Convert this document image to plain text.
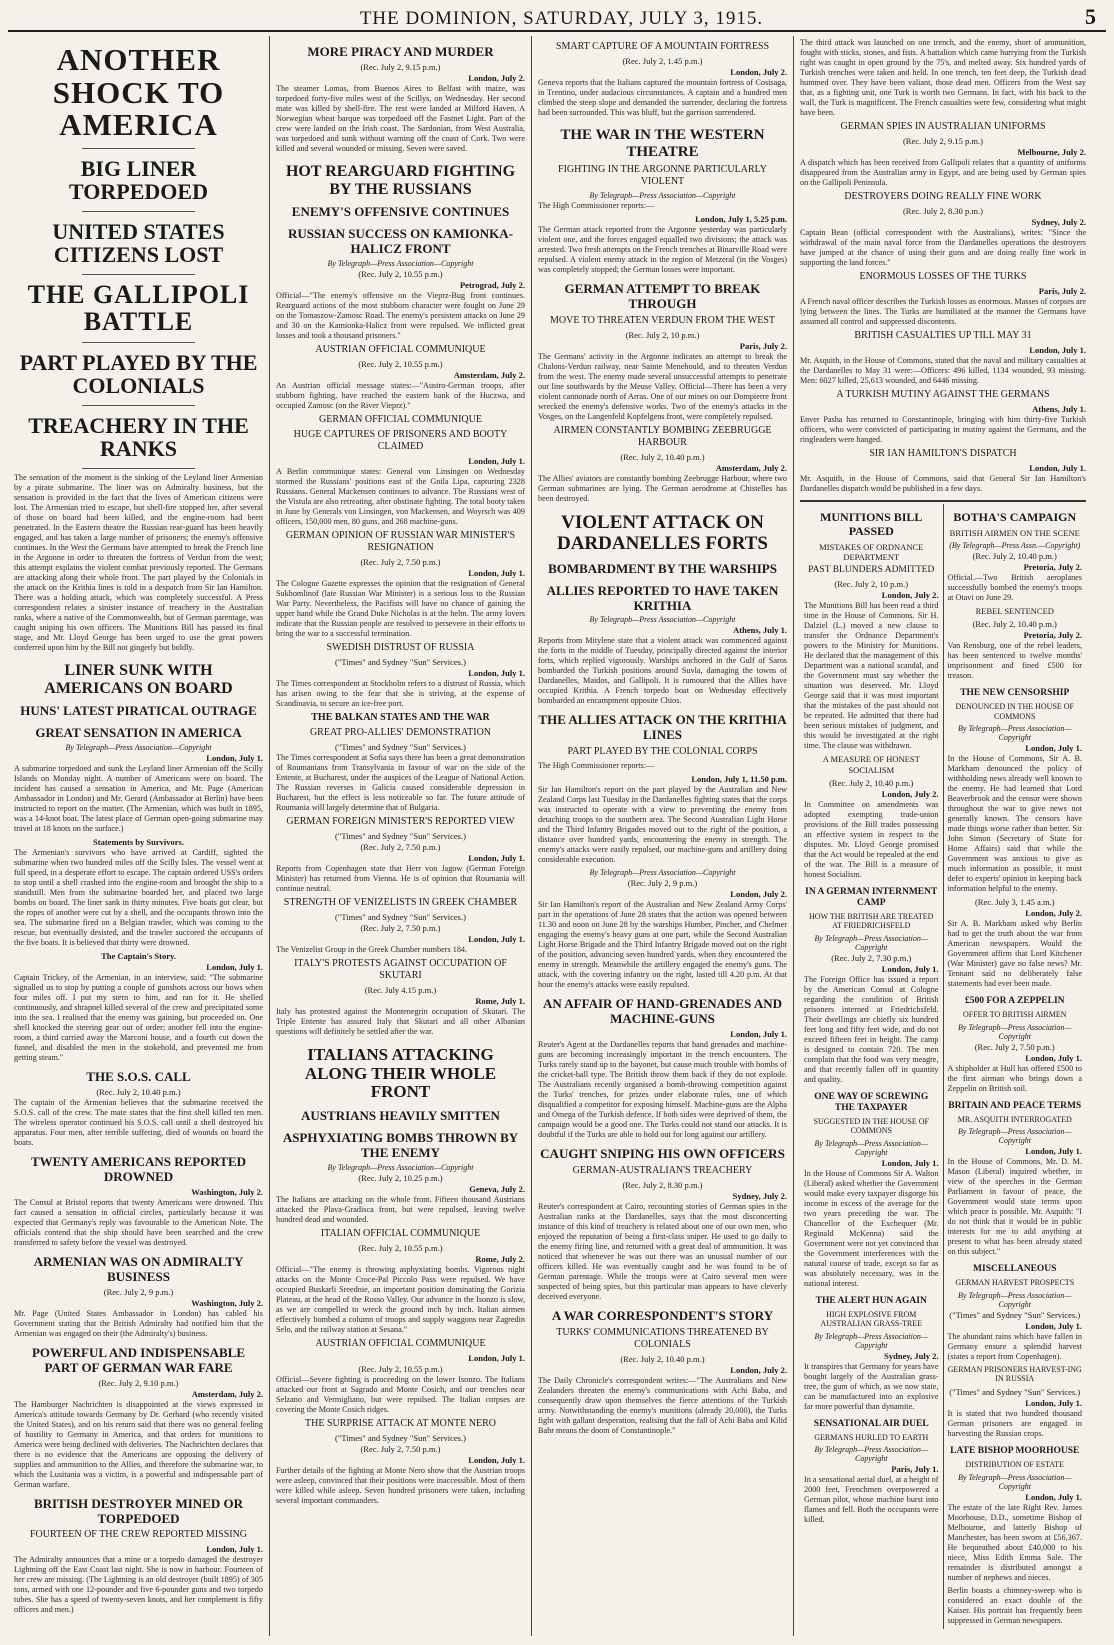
THE DOMINION, SATURDAY, JULY 3, 1915.	5
ANOTHER SHOCK TO AMERICA
BIG LINER TORPEDOED
UNITED STATES CITIZENS LOST
THE GALLIPOLI BATTLE
PART PLAYED BY THE COLONIALS
TREACHERY IN THE RANKS

The sensation of the moment is the sinking of the Leyland liner Armenian by a pirate submarine. The liner was on Admiralty business, but the sensation is provided in the fact that the lives of American citizens were lost. The Armenian tried to escape, but shell-fire stopped her, after several of those on board had been killed, and the engine-room had been penetrated. In the Eastern theatre the Russian rear-guard has been heavily engaged, and has taken a large number of prisoners; the enemy's offensive continues. In the West the Germans have attempted to break the French line in the Argonne in order to threaten the fortress of Verdun from the west; this attempt explains the violent combat previously reported. The Germans are attacking along their whole front. The part played by the Colonials in the attack on the Krithia lines is told in a despatch from Sir Ian Hamilton. There was a holding attack, which was completely successful. A Press correspondent relates a sinister instance of treachery in the Australian ranks, where a native of the Commonwealth, but of German parentage, was caught sniping his own officers. The Munitions Bill has passed its final stage, and Mr. Lloyd George has been urged to use the great powers conferred upon him by the Bill not gingerly but boldly.

LINER SUNK WITH AMERICANS ON BOARD
HUNS' LATEST PIRATICAL OUTRAGE
GREAT SENSATION IN AMERICA
By Telegraph—Press Association—Copyright
London, July 1.

A submarine torpedoed and sunk the Leyland liner Armenian off the Scilly Islands on Monday night. A number of Americans were on board. The incident has caused a sensation in America, and Mr. Page (American Ambassador in London) and Mr. Gerard (Ambassador at Berlin) have been instructed to report on the matter. (The Armenian, which was built in 1895, was a 14-knot boat. The latest place of German open-going submarine may travel at 18 knots on the surface.)

Statements by Survivors.

The Armenian's survivors who have arrived at Cardiff, sighted the submarine when two hundred miles off the Scilly Isles. The vessel went at full speed, in a desperate effort to escape. The captain ordered USS's orders to stop until a shell crashed into the engine-room and brought the ship to a standstill. Men from the submarine boarded her, and placed two large bombs on board. The liner sank in thirty minutes. Five boats got clear, but the ropes of another were cut by a shell, and the occupants thrown into the sea. The submarine fired on a Belgian trawler, which was coming to the rescue, but eventually desisted, and the trawler succored the occupants of the five boats. It is believed that thirty were drowned.

The Captain's Story.
London, July 1.

Captain Trickey, of the Armenian, in an interview, said: "The submarine signalled us to stop by putting a couple of gunshots across our bows when four miles off. I put my stern to him, and ran for it. He shelled continuously, and shrapnel killed several of the crew and precipitated some into the sea. I realised that the enemy was gaining, but proceeded on. One shell knocked the steering gear out of order; another fell into the engine-room, a third carried away the Marconi house, and a fourth cut down the funnel, and disabled the men in the stokehold, and prevented me from getting steam."

THE S.O.S. CALL
(Rec. July 2, 10.40 p.m.)

The captain of the Armenian believes that the submarine received the S.O.S. call of the crew. The mate states that the first shell killed ten men. The wireless operator continued his S.O.S. call until a shell destroyed his apparatus. Four men, after terrible suffering, died of wounds on board the boats.

TWENTY AMERICANS REPORTED DROWNED
Washington, July 2.

The Consul at Bristol reports that twenty Americans were drowned. This fact caused a sensation in official circles, particularly because it was expected that Germany's reply was favourable to the American Note. The officials contend that the ship should have been searched and the crew transferred to safety before the vessel was destroyed.

ARMENIAN WAS ON ADMIRALTY BUSINESS
(Rec. July 2, 9 p.m.)
Washington, July 2.

Mr. Page (United States Ambassador in London) has cabled his Government stating that the British Admiralty had notified him that the Armenian was engaged on their (the Admiralty's) business.

POWERFUL AND INDISPENSABLE PART OF GERMAN WAR FARE
(Rec. July 2, 9.10 p.m.)
Amsterdam, July 2.

The Hamburger Nachrichten is disappointed at the views expressed in America's attitude towards Germany by Dr. Gerhard (who recently visited the United States), and on his return said that there was no general feeling of hostility to Germany in America, and that orders for munitions to America were being declined with deliveries. The Nachrichten declares that there is no evidence that the Americans are opposing the delivery of supplies and ammunition to the Allies, and therefore the submarine war, to which the Lusitania was a victim, is a powerful and indispensable part of German warfare.

BRITISH DESTROYER MINED OR TORPEDOED
FOURTEEN OF THE CREW REPORTED MISSING
London, July 1.

The Admiralty announces that a mine or a torpedo damaged the destroyer Lightning off the East Coast last night. She is now in harbour. Fourteen of her crew are missing. (The Lightning is an old destroyer (built 1895) of 305 tons, armed with one 12-pounder and five 6-pounder guns and two torpedo tubes. She has a speed of twenty-seven knots, and her complement is fifty officers and men.)

MORE PIRACY AND MURDER
(Rec. July 2, 9.15 p.m.)
London, July 2.

The steamer Lomas, from Buenos Aires to Belfast with maize, was torpedoed forty-five miles west of the Scillys, on Wednesday. Her second mate was killed by shell-fire. The rest were landed at Milford Haven. A Norwegian wheat barque was torpedoed off the Fastnet Light. Part of the crew were landed on the Irish coast. The Sardonian, from West Australia, was torpedoed and sunk without warning off the coast of Cork. Two were killed and several wounded or missing. Seven were saved.

HOT REARGUARD FIGHTING BY THE RUSSIANS
ENEMY'S OFFENSIVE CONTINUES
RUSSIAN SUCCESS ON KAMIONKA-HALICZ FRONT
By Telegraph—Press Association—Copyright
(Rec. July 2, 10.55 p.m.)
Petrograd, July 2.

Official—"The enemy's offensive on the Vieprz-Bug front continues. Rearguard actions of the most stubborn character were fought on June 29 on the Tomaszow-Zamosc Road. The enemy's persistent attacks on June 29 and 30 on the Kamionka-Halicz front were repulsed. We inflicted great losses and took a thousand prisoners."

AUSTRIAN OFFICIAL COMMUNIQUE
(Rec. July 2, 10.55 p.m.)
Amsterdam, July 2.

An Austrian official message states:—"Austro-German troops, after stubborn fighting, have reached the eastern bank of the Huczwa, and occupied Zamosc (on the River Vieprz)."

GERMAN OFFICIAL COMMUNIQUE
HUGE CAPTURES OF PRISONERS AND BOOTY CLAIMED
London, July 1.

A Berlin communique states: General von Linsingen on Wednesday stormed the Russians' positions east of the Gnila Lipa, capturing 2328 Russians. General Mackensen continues to advance. The Russians west of the Vistula are also retreating, after obstinate fighting. The total booty taken in June by Generals von Linsingen, von Mackensen, and Woyrsch was 409 officers, 150,000 men, 80 guns, and 268 machine-guns.

GERMAN OPINION OF RUSSIAN WAR MINISTER'S RESIGNATION
(Rec. July 2, 7.50 p.m.)
London, July 1.

The Cologne Gazette expresses the opinion that the resignation of General Sukhomlinof (late Russian War Minister) is a serious loss to the Russian War Party. Nevertheless, the Pacifists will have no chance of gaining the upper hand while the Grand Duke Nicholas is at the helm. The army lovers indicate that the Russian people are resolved to persevere in their efforts to bring the war to a successful termination.

SWEDISH DISTRUST OF RUSSIA
("Times" and Sydney "Sun" Services.)
London, July 1.

The Times correspondent at Stockholm refers to a distrust of Russia, which has arisen owing to the fear that she is striving, at the expense of Scandinavia, to secure an ice-free port.

THE BALKAN STATES AND THE WAR
GREAT PRO-ALLIES' DEMONSTRATION
("Times" and Sydney "Sun" Services.)

The Times correspondent at Sofia says there has been a great demonstration of Roumanians from Transylvania in favour of war on the side of the Entente, at Bucharest, under the auspices of the League of National Action. The Russian reverses in Galicia caused considerable depression in Bucharest, but the effect is less noticeable so far. The future attitude of Roumania will largely determine that of Bulgaria.

GERMAN FOREIGN MINISTER'S REPORTED VIEW
("Times" and Sydney "Sun" Services.)
(Rec. July 2, 7.50 p.m.)
London, July 1.

Reports from Copenhagen state that Herr von Jagow (German Foreign Minister) has returned from Vienna. He is of opinion that Roumania will continue neutral.

STRENGTH OF VENIZELISTS IN GREEK CHAMBER
("Times" and Sydney "Sun" Services.)
(Rec. July 2, 7.50 p.m.)
London, July 1.

The Venizelist Group in the Greek Chamber numbers 184.

ITALY'S PROTESTS AGAINST OCCUPATION OF SKUTARI
(Rec. July 4.15 p.m.)
Rome, July 1.

Italy has protested against the Montenegrin occupation of Skutari. The Triple Entente has assured Italy that Skutari and all other Albanian questions will definitely be settled after the war.

ITALIANS ATTACKING ALONG THEIR WHOLE FRONT
AUSTRIANS HEAVILY SMITTEN
ASPHYXIATING BOMBS THROWN BY THE ENEMY
By Telegraph—Press Association—Copyright
(Rec. July 2, 10.25 p.m.)
Geneva, July 2.

The Italians are attacking on the whole front. Fifteen thousand Austrians attacked the Plava-Gradisca front, but were repulsed, leaving twelve hundred dead and wounded.

ITALIAN OFFICIAL COMMUNIQUE
(Rec. July 2, 10.55 p.m.)
Rome, July 2.

Official—"The enemy is throwing asphyxiating bombs. Vigorous night attacks on the Monte Croce-Pal Piccolo Pass were repulsed. We have occupied Buskarli Sreednie, an important position dominating the Gorizia Plateau, at the head of the Rosso Valley. Our advance in the Isonzo is slow, as we are compelled to wreck the ground inch by inch. Italian airmen effectively bombed a column of troops and supply waggons near Zagredin Selo, and the railway station at Sesana."

AUSTRIAN OFFICIAL COMMUNIQUE
London, July 1.
(Rec. July 2, 10.55 p.m.)

Official—Severe fighting is proceeding on the lower Isonzo. The Italians attacked our front at Sagrado and Monte Cosich, and our trenches near Selzano and Vermigliano, but were repulsed. The Italian corpses are covering the Monte Cosich ridges.

THE SURPRISE ATTACK AT MONTE NERO
("Times" and Sydney "Sun" Services.)
(Rec. July 2, 7.50 p.m.)
London, July 1.

Further details of the fighting at Monte Nero show that the Austrian troops were asleep, convinced that their positions were inaccessible. Most of them were killed while asleep. Seven hundred prisoners were taken, including several important commanders.

SMART CAPTURE OF A MOUNTAIN FORTRESS
(Rec. July 2, 1.45 p.m.)
London, July 2.

Geneva reports that the Italians captured the mountain fortress of Cosisaga, in Trentino, under audacious circumstances. A captain and a hundred men climbed the steep slope and demanded the surrender, declaring the fortress had been surrounded. This was bluff, but the garrison surrendered.

THE WAR IN THE WESTERN THEATRE
FIGHTING IN THE ARGONNE PARTICULARLY VIOLENT
By Telegraph—Press Association—Copyright

The High Commissioner reports:—

London, July 1, 5.25 p.m.

The German attack reported from the Argonne yesterday was particularly violent one, and the forces engaged equalled two divisions; the attack was arrested. Two fresh attempts on the French trenches at Binarville Road were repulsed. A violent enemy attack in the region of Metzeral (in the Vosges) was completely stopped; the German losses were important.

GERMAN ATTEMPT TO BREAK THROUGH
MOVE TO THREATEN VERDUN FROM THE WEST
(Rec. July 2, 10 p.m.)
Paris, July 2.

The Germans' activity in the Argonne indicates an attempt to break the Chalons-Verdun railway, near Sainte Menehould, and to threaten Verdun from the west. The enemy made several unsuccessful attempts to penetrate our line southwards by the Meuse Valley. Official—There has been a very violent cannonade north of Arras. One of our mines on our Dompierre front wrecked the enemy's defensive works. Two of the enemy's attacks in the Vosges, on the Langenfeld Kopfelgens front, were completely repulsed.

AIRMEN CONSTANTLY BOMBING ZEEBRUGGE HARBOUR
(Rec. July 2, 10.40 p.m.)
Amsterdam, July 2.

The Allies' aviators are constantly bombing Zeebrugge Harbour, where two German submarines are lying. The German aerodrome at Chistelles has been destroyed.

VIOLENT ATTACK ON DARDANELLES FORTS
BOMBARDMENT BY THE WARSHIPS
ALLIES REPORTED TO HAVE TAKEN KRITHIA
By Telegraph—Press Association—Copyright
Athens, July 1.

Reports from Mitylene state that a violent attack was commenced against the forts in the middle of Tuesday, principally directed against the interior forts, which replied vigorously. Warships anchored in the Gulf of Saros bombarded the Turkish positions around Suvla, damaging the towns of Dardanelles, Maidos, and Gallipoli. It is rumoured that the Allies have occupied Krithia. A French torpedo boat on Wednesday effectively bombarded an encampment opposite Chios.

THE ALLIES ATTACK ON THE KRITHIA LINES
PART PLAYED BY THE COLONIAL CORPS

The High Commissioner reports:—

London, July 1, 11.50 p.m.

Sir Ian Hamilton's report on the part played by the Australian and New Zealand Corps last Tuesday in the Dardanelles fighting states that the corps was instructed to operate with a view to preventing the enemy from detaching troops to the southern area. The Second Australian Light Horse and the Third Infantry Brigades moved out to the right of the position, a distance over hundred yards, encountering the enemy in strength. The enemy's attacks were easily repulsed, our machine-guns and artillery doing considerable execution.

By Telegraph—Press Association—Copyright
(Rec. July 2, 9 p.m.)
London, July 2.

Sir Ian Hamilton's report of the Australian and New Zealand Army Corps' part in the operations of June 28 states that the action was opened between 11.30 and noon on June 28 by the warships Humber, Pincher, and Chelmer engaging the enemy's heavy guns at one part, while the Second Australian Light Horse Brigade and the Third Infantry Brigade moved out on the right of the position, advancing seven hundred yards, when they encountered the enemy in strength. Meanwhile the artillery engaged the enemy's guns. The attack, with the covering infantry on the right, lasted till 4.20 p.m. At that hour the enemy's attacks were easily repulsed.

AN AFFAIR OF HAND-GRENADES AND MACHINE-GUNS
London, July 1.

Reuter's Agent at the Dardanelles reports that hand grenades and machine-guns are becoming increasingly important in the trench encounters. The Turks rarely stand up to the bayonet, but cause much trouble with bombs of the cricket-ball type. The British throw them back if they do not explode. The Australians recently organised a bomb-throwing competition against the Turks' trenches, for prizes under elaborate rules, one of which disqualified a competitor for exposing himself. Machine-guns are the Alpha and Omega of the Turkish defence. If both sides were deprived of them, the campaign would be a good one. The Turks could not stand our attacks. It is doubtful if the Turks are able to hold out for long against our artillery.

CAUGHT SNIPING HIS OWN OFFICERS
GERMAN-AUSTRALIAN'S TREACHERY
(Rec. July 2, 8.30 p.m.)
Sydney, July 2.

Reuter's correspondent at Cairo, recounting stories of German spies in the Australian ranks at the Dardanelles, says that the most disconcerting instance of this kind of treachery is related about one of our own men, who enjoyed the reputation of being a first-class sniper. He used to go daily to the enemy firing line, and returned with a great deal of ammunition. It was noticed that whenever he was out there was an unusual number of our officers killed. He was eventually caught and he was found to be of German parentage. While the troops were at Cairo several men were suspected of being spies, but this particular man appears to have cleverly deceived everyone.

A WAR CORRESPONDENT'S STORY
TURKS' COMMUNICATIONS THREATENED BY COLONIALS
(Rec. July 2, 10.40 p.m.)
London, July 2.

The Daily Chronicle's correspondent writes:—"The Australians and New Zealanders threaten the enemy's communications with Achi Baba, and consequently draw upon themselves the fierce attentions of the Turkish army. Notwithstanding the enemy's munitions (already 20,000), the Turks fight with gallant desperation, realising that the fall of Achi Baba and Kilid Bahr means the doom of Constantinople."

The third attack was launched on one trench, and the enemy, short of ammunition, fought with sticks, stones, and fists. A battalion which came hurrying from the Turkish right was caught in open ground by the 75's, and melted away. Six hundred yards of Turkish trenches were taken and held. In one trench, ten feet deep, the Turkish dead hummed over. They have been valiant, those dead men. Officers from the West say that, as a fighting unit, one Turk is worth two Germans. In fact, with his back to the wall, the Turk is magnificent. The French casualties were few, considering what might have been.

GERMAN SPIES IN AUSTRALIAN UNIFORMS
(Rec. July 2, 9.15 p.m.)
Melbourne, July 2.

A dispatch which has been received from Gallipoli relates that a quantity of uniforms disappeared from the Australian army in Egypt, and are being used by German spies on the Gallipoli Peninsula.

DESTROYERS DOING REALLY FINE WORK
(Rec. July 2, 8.30 p.m.)
Sydney, July 2.

Captain Bean (official correspondent with the Australians), writes: "Since the withdrawal of the main naval force from the Dardanelles operations the destroyers have jumped at the chance of using their guns and are doing really fine work in supporting the land forces."

ENORMOUS LOSSES OF THE TURKS
Paris, July 2.

A French naval officer describes the Turkish losses as enormous. Masses of corpses are lying between the lines. The Turks are humiliated at the manner the Germans have assumed all control and suppressed discontents.

BRITISH CASUALTIES UP TILL MAY 31
London, July 1.

Mr. Asquith, in the House of Commons, stated that the naval and military casualties at the Dardanelles to May 31 were:—Officers: 496 killed, 1134 wounded, 93 missing. Men: 6027 killed, 25,613 wounded, and 6446 missing.

A TURKISH MUTINY AGAINST THE GERMANS
Athens, July 1.

Enver Pasha has returned to Constantinople, bringing with him thirty-five Turkish officers, who were convicted of participating in mutiny against the Germans, and the ringleaders were hanged.

SIR IAN HAMILTON'S DISPATCH
London, July 1.

Mr. Asquith, in the House of Commons, said that General Sir Ian Hamilton's Dardanelles dispatch would be published in a few days.

MUNITIONS BILL PASSED
MISTAKES OF ORDNANCE DEPARTMENT
PAST BLUNDERS ADMITTED
(Rec. July 2, 10 p.m.)
London, July 2.

The Munitions Bill has been read a third time in the House of Commons. Sir H. Dalziel (L.) moved a new clause to transfer the Ordnance Department's powers to the Ministry for Munitions. He declared that the management of this Department was a national scandal, and the Government must say whether the situation was deserved. Mr. Lloyd George said that it was most important that the mistakes of the past should not be repeated. He admitted that there had been serious mistakes of judgment, and this would be investigated at the right time. The clause was withdrawn.

A MEASURE OF HONEST SOCIALISM
(Rec. July 2, 10.40 p.m.)
London, July 2.

In Committee on amendments was adopted exempting trade-union provisions of the Bill trades possessing an effective system in respect to the disputes. Mr. Lloyd George promised that the Act would be repealed at the end of the war. The Bill is a measure of honest Socialism.

IN A GERMAN INTERNMENT CAMP
HOW THE BRITISH ARE TREATED AT FRIEDRICHSFELD
By Telegraph—Press Association—Copyright
(Rec. July 2, 7.30 p.m.)
London, July 1.

The Foreign Office has issued a report by the American Consul at Cologne regarding the condition of British prisoners interned at Friedrichsfeld. Their dwellings are chiefly six hundred feet long and fifty feet wide, and do not exceed fifteen feet in height. The camp is designed to contain 720. The men complain that the food was very meagre, and that recently fallen off in quantity and quality.

ONE WAY OF SCREWING THE TAXPAYER
SUGGESTED IN THE HOUSE OF COMMONS
By Telegraph—Press Association—Copyright
London, July 1.

In the House of Commons Sir A. Walton (Liberal) asked whether the Government would make every taxpayer disgorge his income in excess of the average for the two years preceding the war. The Chancellor of the Exchequer (Mr. Reginald McKenna) said the Government were not yet convinced that the Government interferences with the natural course of trade, except so far as was absolutely necessary, was in the national interest.

THE ALERT HUN AGAIN
HIGH EXPLOSIVE FROM AUSTRALIAN GRASS-TREE
By Telegraph—Press Association—Copyright
Sydney, July 2.

It transpires that Germany for years have bought largely of the Australian grass-tree, the gum of which, as we now state, can be manufactured into an explosive far more powerful than dynamite.

SENSATIONAL AIR DUEL
GERMANS HURLED TO EARTH
By Telegraph—Press Association—Copyright
Paris, July 1.

In a sensational aerial duel, at a height of 2000 feet, Frenchmen overpowered a German pilot, whose machine burst into flames and fell. Both the occupants were killed.

BOTHA'S CAMPAIGN
BRITISH AIRMEN ON THE SCENE
(By Telegraph—Press Assn.—Copyright)
(Rec. July 2, 10.40 p.m.)
Pretoria, July 2.

Official.—Two British aeroplanes successfully bombed the enemy's troops at Otavi on June 29.

REBEL SENTENCED
(Rec. July 2, 10.40 p.m.)
Pretoria, July 2.

Van Rensburg, one of the rebel leaders, has been sentenced to twelve months' imprisonment and fined £500 for treason.

THE NEW CENSORSHIP
DENOUNCED IN THE HOUSE OF COMMONS
By Telegraph—Press Association—Copyright
London, July 1.

In the House of Commons, Sir A. B. Markham denounced the policy of withholding news already well known to the enemy. He had learned that Lord Beaverbrook and the censor were shown throughout the war to give news not generally known. The censors have made things worse rather than better. Sir John Simon (Secretary of State for Home Affairs) said that while the Government was anxious to give as much information as possible, it must defer to experts' opinion in keeping back information helpful to the enemy.

(Rec. July 3, 1.45 a.m.)
London, July 2.

Sir A. B. Markham asked why Berlin had to get the truth about the war from American newspapers. Would the Government affirm that Lord Kitchener (War Minister) gave no false news? Mr. Tennant said no deliberately false statements had ever been made.

£500 FOR A ZEPPELIN
OFFER TO BRITISH AIRMEN
By Telegraph—Press Association—Copyright
(Rec. July 2, 7.50 p.m.)
London, July 1.

A shipholder at Hull has offered £500 to the first airman who brings down a Zeppelin on British soil.

BRITAIN AND PEACE TERMS
MR. ASQUITH INTERROGATED
By Telegraph—Press Association—Copyright
London, July 1.

In the House of Commons, Mr. D. M. Mason (Liberal) inquired whether, in view of the speeches in the German Parliament in favour of peace, the Government would state terms upon which peace is possible. Mr. Asquith: "I do not think that it would be in public interests for me to add anything at present to what has been already stated on this subject."

MISCELLANEOUS
GERMAN HARVEST PROSPECTS
By Telegraph—Press Association—Copyright
("Times" and Sydney "Sun" Services.)
London, July 1.

The abundant rains which have fallen in Germany ensure a splendid harvest (states a report from Copenhagen).

GERMAN PRISONERS HARVEST-ING IN RUSSIA
("Times" and Sydney "Sun" Services.)
London, July 1.

It is stated that two hundred thousand German prisoners are engaged in harvesting the Russian crops.

LATE BISHOP MOORHOUSE
DISTRIBUTION OF ESTATE
By Telegraph—Press Association—Copyright
London, July 1.

The estate of the late Right Rev. James Moorhouse, D.D., sometime Bishop of Melbourne, and latterly Bishop of Manchester, has been sworn at £56,367. He bequeathed about £40,000 to his niece, Miss Edith Emma Sale. The remainder is distributed amongst a number of nephews and nieces.

Berlin boasts a chimney-sweep who is considered an exact double of the Kaiser. His portrait has frequently been suppressed in German newspapers.
